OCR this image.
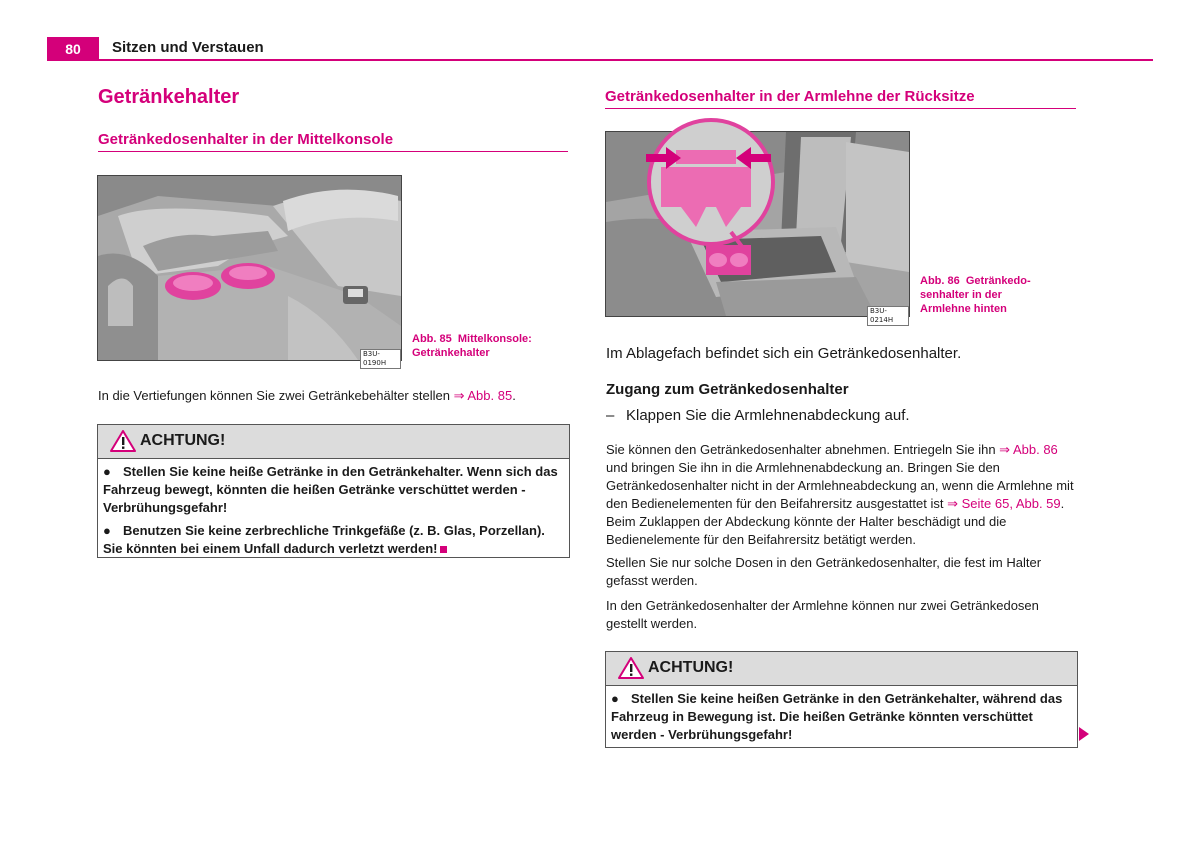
80	Sitzen und Verstauen
Getränkehalter
Getränkedosenhalter in der Mittelkonsole
B3U-0190H
Abb. 85 Mittelkonsole:
Getränkehalter
In die Vertiefungen können Sie zwei Getränkebehälter stellen ⇒ Abb. 85.
ACHTUNG!

● Stellen Sie keine heiße Getränke in den Getränkehalter. Wenn sich das Fahrzeug bewegt, könnten die heißen Getränke verschüttet werden - Verbrühungsgefahr!

● Benutzen Sie keine zerbrechliche Trinkgefäße (z. B. Glas, Porzellan). Sie könnten bei einem Unfall dadurch verletzt werden!

Getränkedosenhalter in der Armlehne der Rücksitze
B3U-0214H
Abb. 86 Getränkedo-
senhalter in der
Armlehne hinten
Im Ablagefach befindet sich ein Getränkedosenhalter.
Zugang zum Getränkedosenhalter
– Klappen Sie die Armlehnenabdeckung auf.
Sie können den Getränkedosenhalter abnehmen. Entriegeln Sie ihn ⇒ Abb. 86 und bringen Sie ihn in die Armlehnenabdeckung an. Bringen Sie den Getränkedosenhalter nicht in der Armlehneabdeckung an, wenn die Armlehne mit den Bedienelementen für den Beifahrersitz ausgestattet ist ⇒ Seite 65, Abb. 59. Beim Zuklappen der Abdeckung könnte der Halter beschädigt und die Bedienelemente für den Beifahrersitz betätigt werden.
Stellen Sie nur solche Dosen in den Getränkedosenhalter, die fest im Halter gefasst werden.
In den Getränkedosenhalter der Armlehne können nur zwei Getränkedosen gestellt werden.
ACHTUNG!

● Stellen Sie keine heißen Getränke in den Getränkehalter, während das Fahrzeug in Bewegung ist. Die heißen Getränke könnten verschüttet werden - Verbrühungsgefahr!
